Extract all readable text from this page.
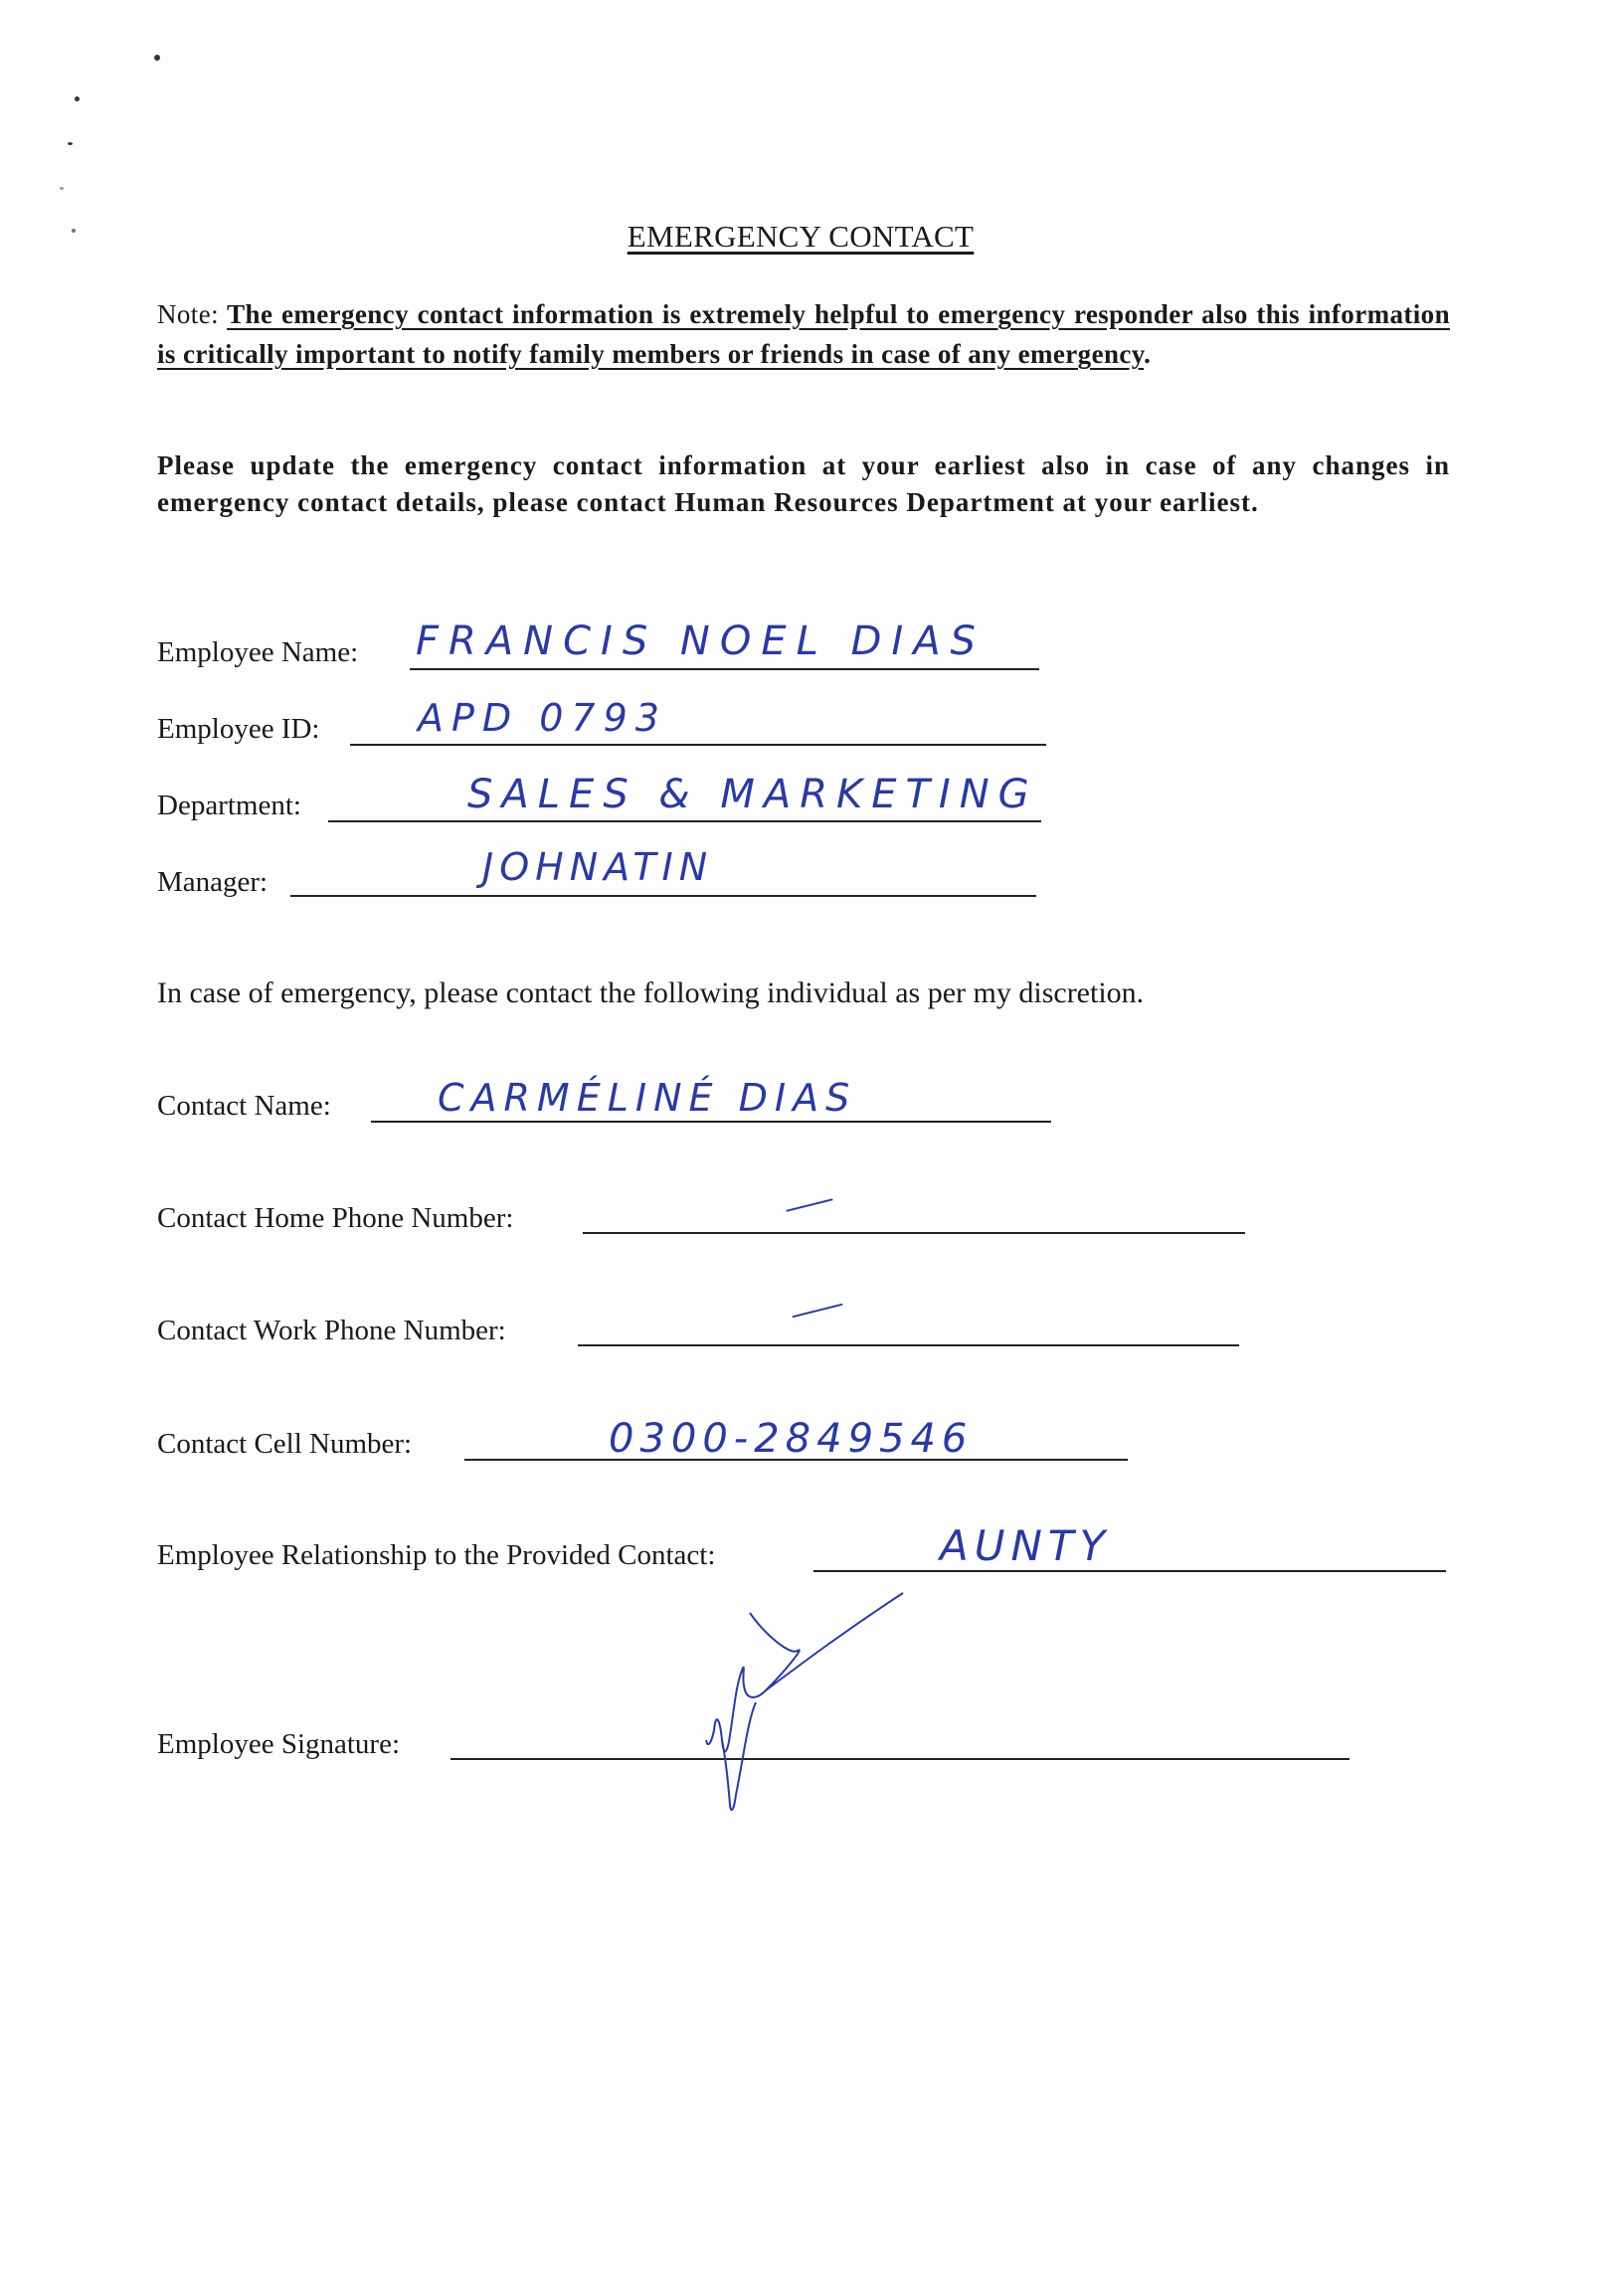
EMERGENCY CONTACT
Note: The emergency contact information is extremely helpful to emergency responder also this information is critically important to notify family members or friends in case of any emergency.
Please update the emergency contact information at your earliest also in case of any changes in emergency contact details, please contact Human Resources Department at your earliest.
Employee Name: FRANCIS NOEL DIAS
Employee ID:	APD 0793
Department:	SALES & MARKETING
Manager:	JOHNATIN
In case of emergency, please contact the following individual as per my discretion.
Contact Name:	CARMÉLINÉ DIAS
Contact Home Phone Number:
Contact Work Phone Number:
Contact Cell Number:	0300-2849546
Employee Relationship to the Provided Contact:	AUNTY
Employee Signature:
